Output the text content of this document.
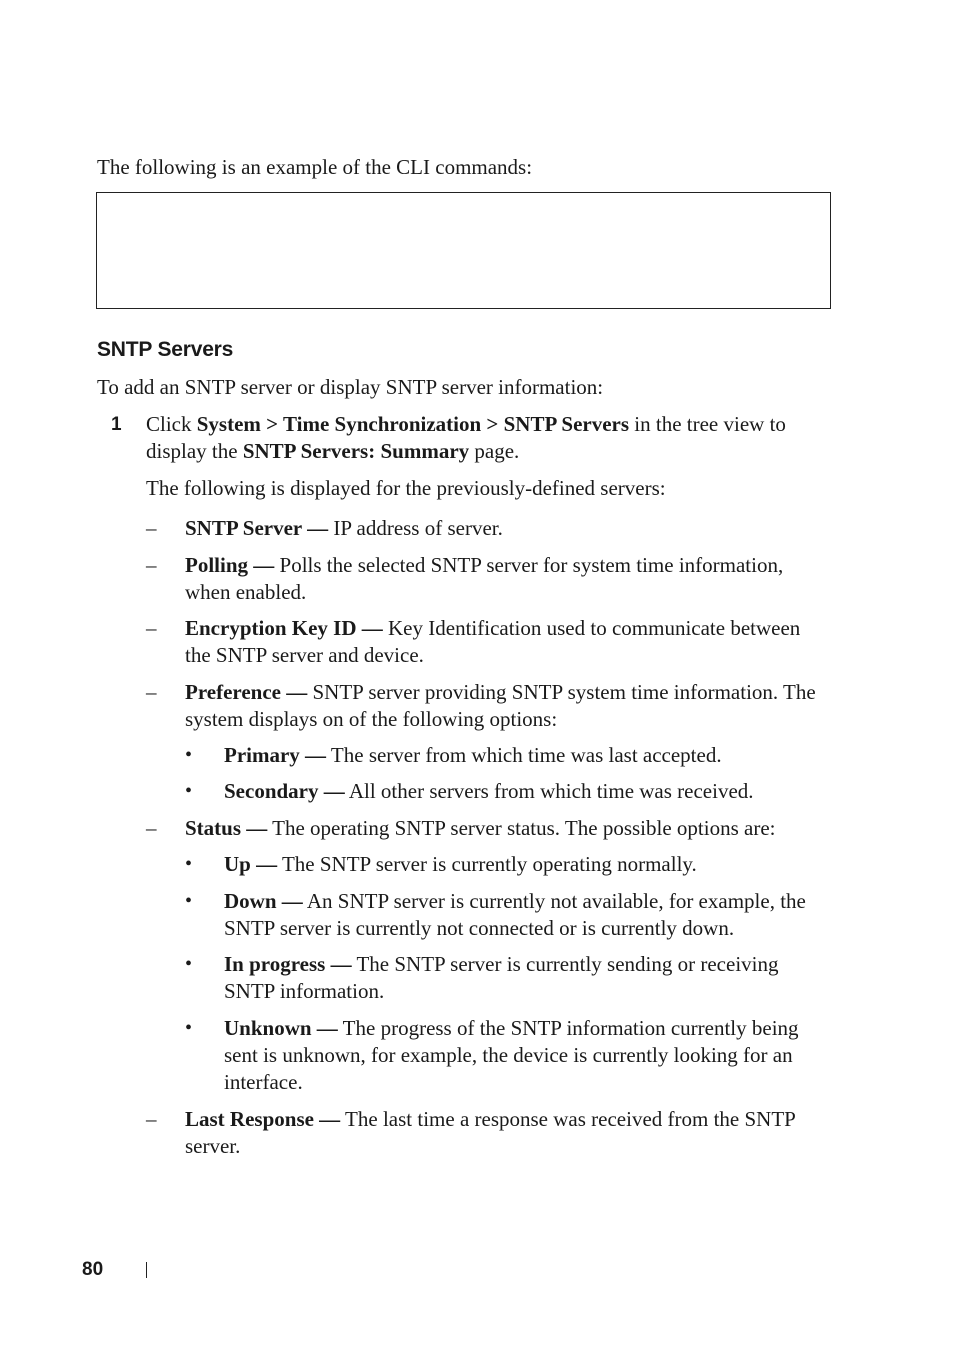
The following is an example of the CLI commands:
SNTP Servers
To add an SNTP server or display SNTP server information:
1 Click System > Time Synchronization > SNTP Servers in the tree view to display the SNTP Servers: Summary page.
The following is displayed for the previously-defined servers:
– SNTP Server — IP address of server.
– Polling — Polls the selected SNTP server for system time information, when enabled.
– Encryption Key ID — Key Identification used to communicate between the SNTP server and device.
– Preference — SNTP server providing SNTP system time information. The system displays on of the following options:
• Primary — The server from which time was last accepted.
• Secondary — All other servers from which time was received.
– Status — The operating SNTP server status. The possible options are:
• Up — The SNTP server is currently operating normally.
• Down — An SNTP server is currently not available, for example, the SNTP server is currently not connected or is currently down.
• In progress — The SNTP server is currently sending or receiving SNTP information.
• Unknown — The progress of the SNTP information currently being sent is unknown, for example, the device is currently looking for an interface.
– Last Response — The last time a response was received from the SNTP server.
80
